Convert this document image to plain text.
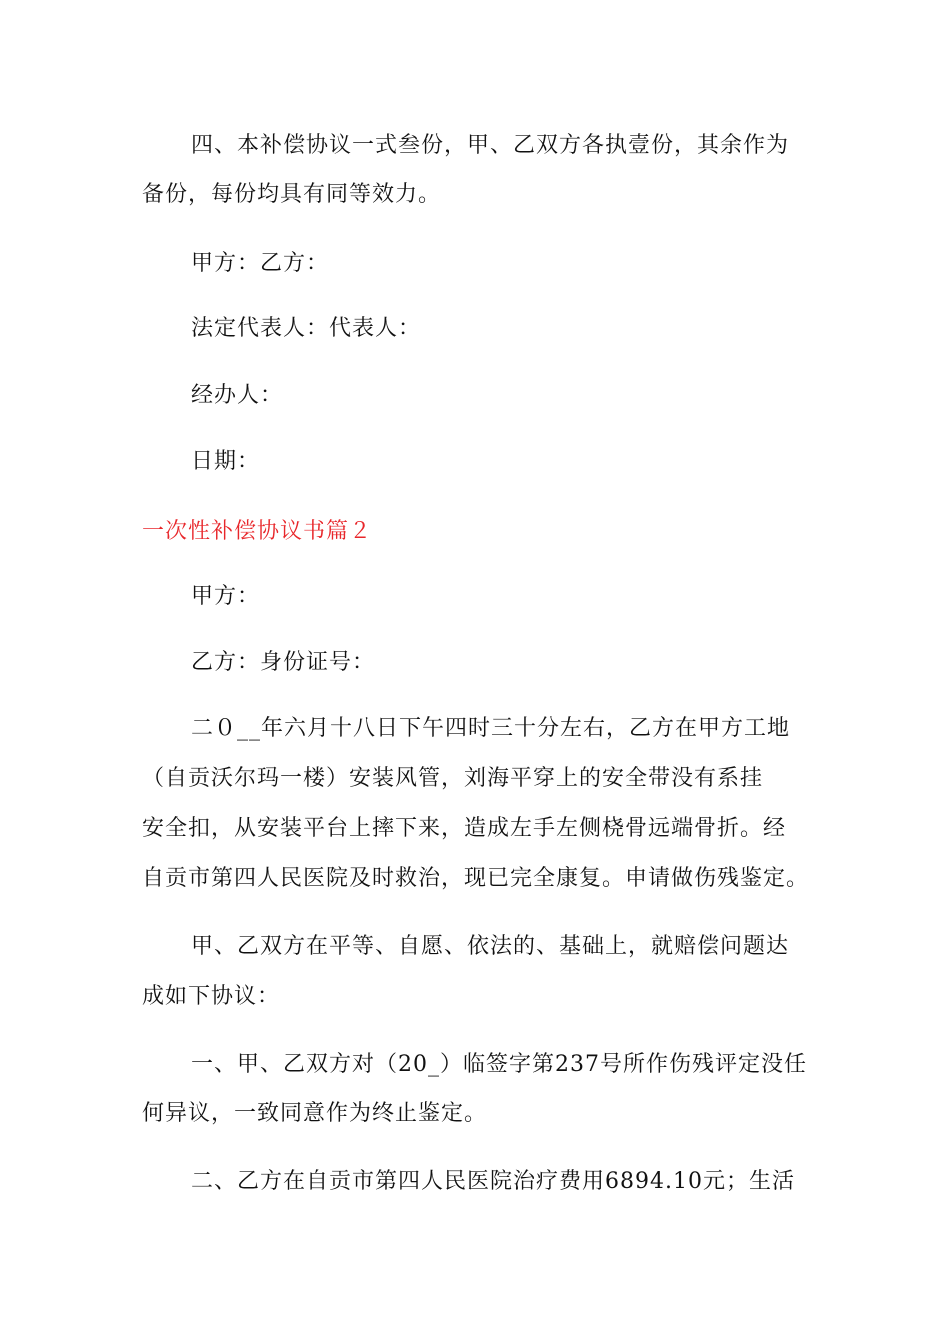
四、本补偿协议一式叁份，甲、乙双方各执壹份，其余作为
备份，每份均具有同等效力。
甲方：乙方：
法定代表人：代表人：
经办人：
日期：
一次性补偿协议书篇２
甲方：
乙方：身份证号：
二０__年六月十八日下午四时三十分左右，乙方在甲方工地
（自贡沃尔玛一楼）安装风管，刘海平穿上的安全带没有系挂
安全扣，从安装平台上摔下来，造成左手左侧桡骨远端骨折。经
自贡市第四人民医院及时救治，现已完全康复。申请做伤残鉴定。
甲、乙双方在平等、自愿、依法的、基础上，就赔偿问题达
成如下协议：
一、甲、乙双方对（20_）临签字第237号所作伤残评定没任
何异议，一致同意作为终止鉴定。
二、乙方在自贡市第四人民医院治疗费用6894.10元；生活
